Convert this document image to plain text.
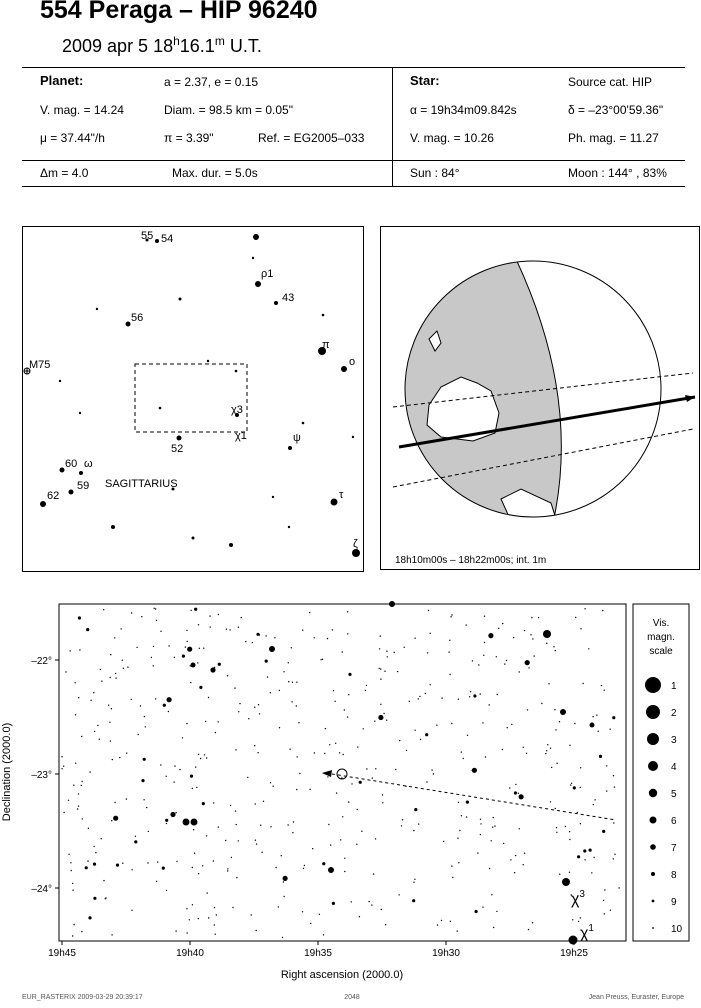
554 Peraga – HIP 96240
2009 apr 5 18$^h$16.1$^m$ U.T.
Planet:	a = 2.37, e = 0.15
V. mag. = 14.24	Diam. = 98.5 km = 0.05"
μ = 37.44"/h	π = 3.39"	Ref. = EG2005–033
Star:	Source cat. HIP
α = 19h34m09.842s	δ = –23°00'59.36"
V. mag. = 10.26	Ph. mag. = 11.27
Δm = 4.0	Max. dur. = 5.0s	Sun : 84°	Moon : 144° , 83%
55 54
ρ1
43
56
π
ο
M75
χ3
χ1
52
ψ
60 ω
59
62	τ
ζ
SAGITTARIUS
18h10m00s – 18h22m00s; int. 1m
19h45	19h40	19h35	19h30	19h25
–22°
–23°
–24°
Right ascension (2000.0)
Declination (2000.0)
$\chi^3$
$\chi^1$
Vis.
magn.
scale
1
2
3
4
5
6
7
8
9
10
EUR_RASTERIX 2009-03-29 20:39:17	2048	Jean Preuss, Euraster, Europe
